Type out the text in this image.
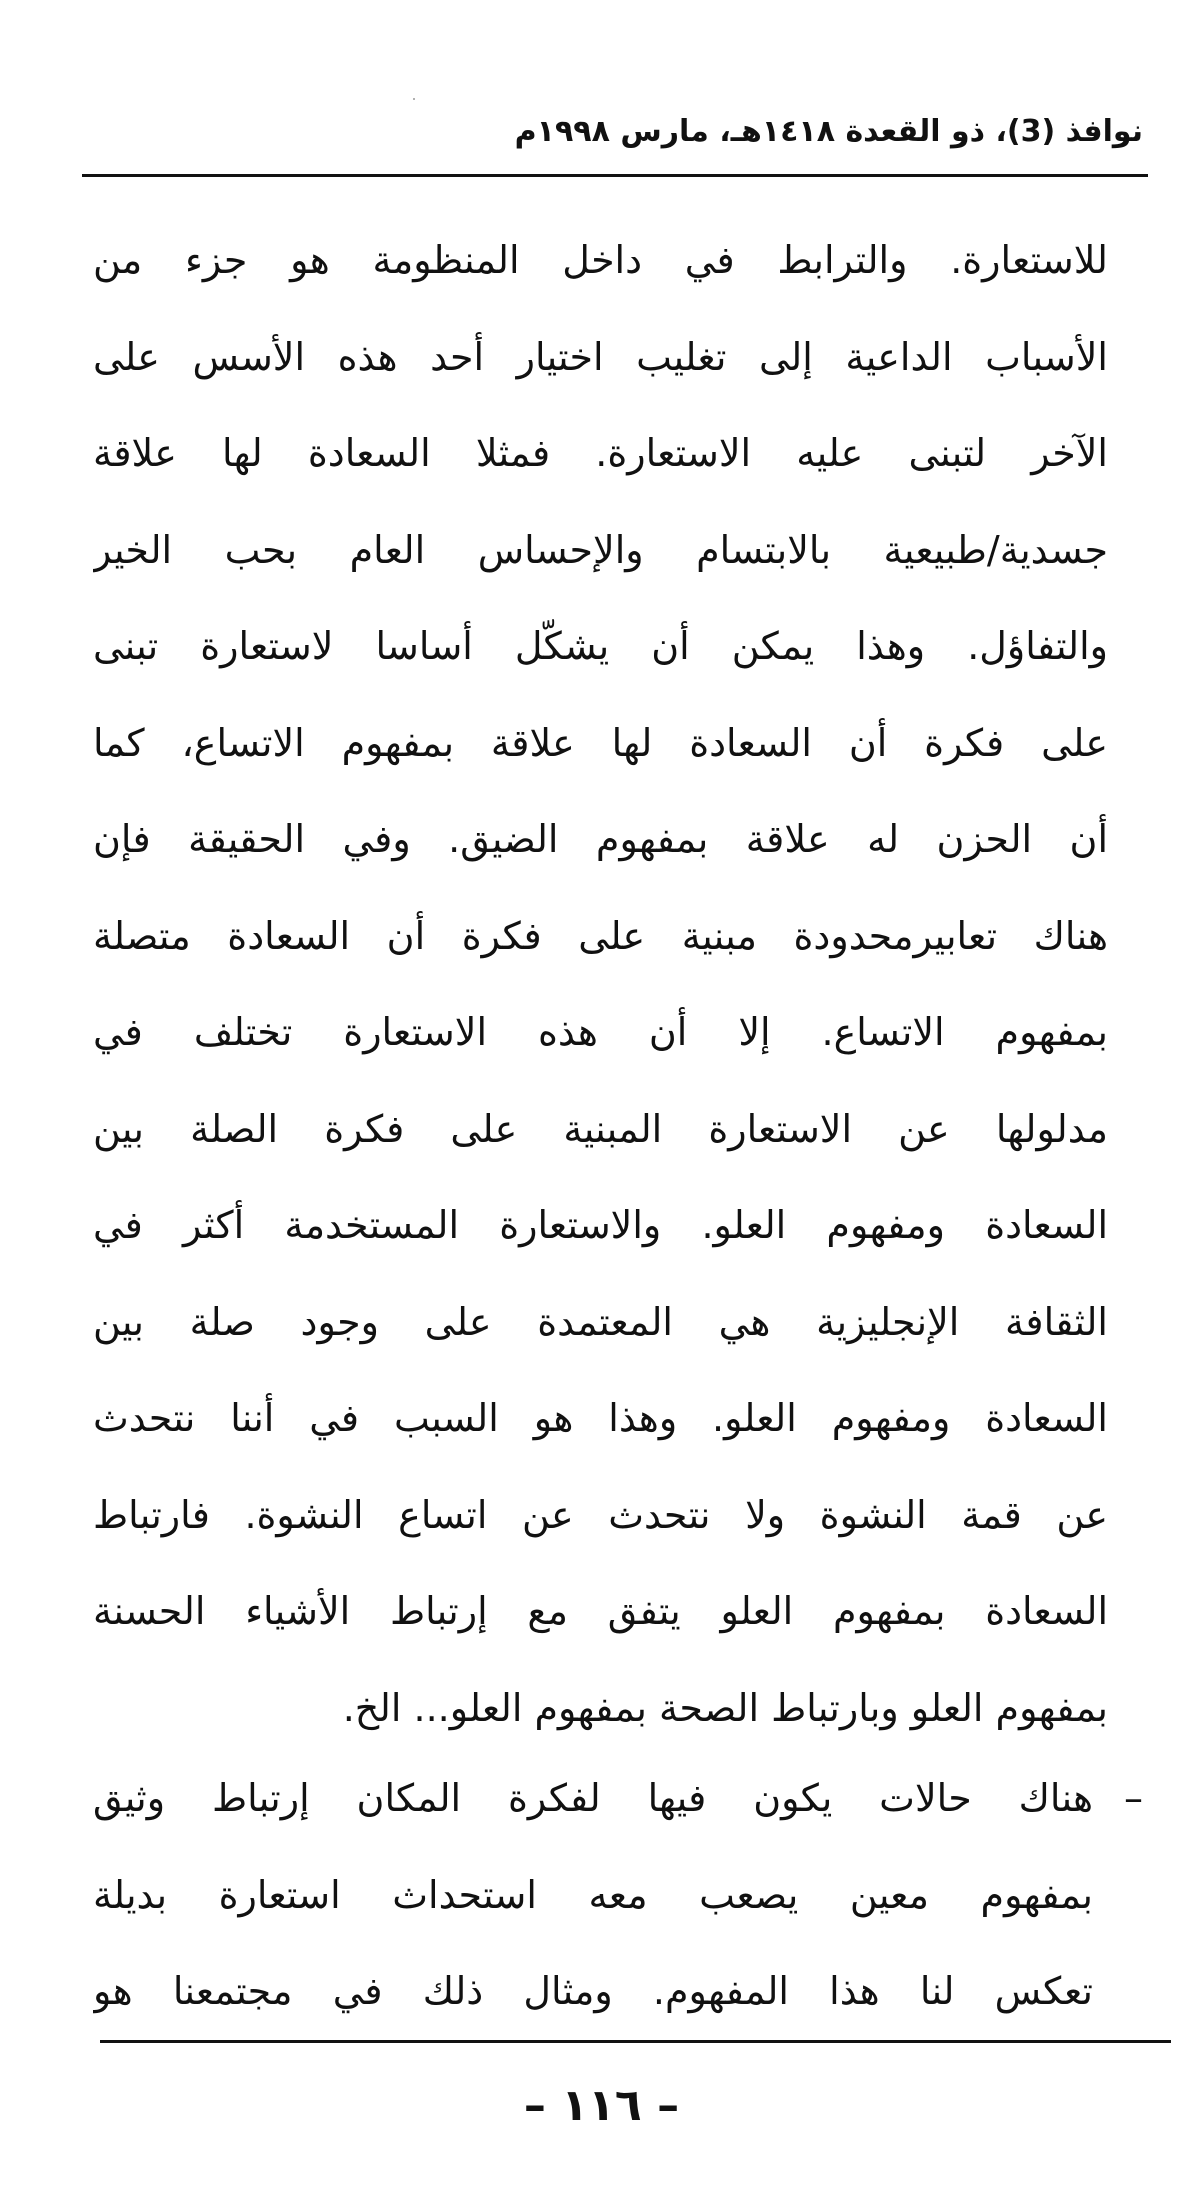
نوافذ (3)، ذو القعدة ١٤١٨هـ، مارس ١٩٩٨م
للاستعارة. والترابط في داخل المنظومة هو جزء من
الأسباب الداعية إلى تغليب اختيار أحد هذه الأسس على
الآخر لتبنى عليه الاستعارة. فمثلا السعادة لها علاقة
جسدية/طبيعية بالابتسام والإحساس العام بحب الخير
والتفاؤل. وهذا يمكن أن يشكّل أساسا لاستعارة تبنى
على فكرة أن السعادة لها علاقة بمفهوم الاتساع، كما
أن الحزن له علاقة بمفهوم الضيق. وفي الحقيقة فإن
هناك تعابيرمحدودة مبنية على فكرة أن السعادة متصلة
بمفهوم الاتساع. إلا أن هذه الاستعارة تختلف في
مدلولها عن الاستعارة المبنية على فكرة الصلة بين
السعادة ومفهوم العلو. والاستعارة المستخدمة أكثر في
الثقافة الإنجليزية هي المعتمدة على وجود صلة بين
السعادة ومفهوم العلو. وهذا هو السبب في أننا نتحدث
عن قمة النشوة ولا نتحدث عن اتساع النشوة. فارتباط
السعادة بمفهوم العلو يتفق مع إرتباط الأشياء الحسنة
بمفهوم العلو وبارتباط الصحة بمفهوم العلو... الخ.
–
هناك حالات يكون فيها لفكرة المكان إرتباط وثيق
بمفهوم معين يصعب معه استحداث استعارة بديلة
تعكس لنا هذا المفهوم. ومثال ذلك في مجتمعنا هو
– ١١٦ –
